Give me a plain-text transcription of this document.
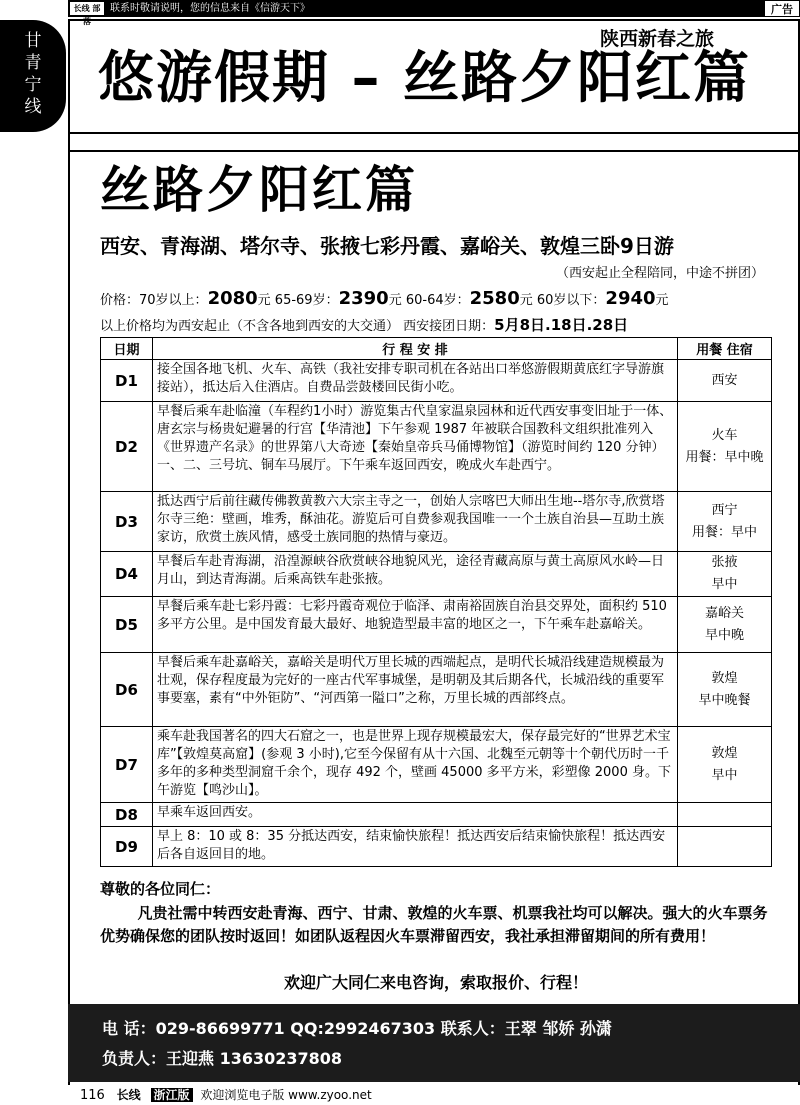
长线 部落
联系时敬请说明，您的信息来自《信游天下》	广告
甘
青
宁
线
陕西新春之旅
悠游假期 – 丝路夕阳红篇
丝路夕阳红篇
西安、青海湖、塔尔寺、张掖七彩丹霞、嘉峪关、敦煌三卧9日游
（西安起止全程陪同，中途不拼团）
价格：70岁以上：2080元 65-69岁：2390元 60-64岁：2580元 60岁以下：2940元
以上价格均为西安起止（不含各地到西安的大交通） 西安接团日期：5月8日.18日.28日
日期	行 程 安 排	用餐 住宿
D1	接全国各地飞机、火车、高铁（我社安排专职司机在各站出口举悠游假期黄底红字导游旗接站），抵达后入住酒店。自费品尝鼓楼回民街小吃。	西安
D2	早餐后乘车赴临潼（车程约1小时）游览集古代皇家温泉园林和近代西安事变旧址于一体、唐玄宗与杨贵妃避暑的行宫【华清池】下午参观 1987 年被联合国教科文组织批准列入《世界遗产名录》的世界第八大奇迹【秦始皇帝兵马俑博物馆】（游览时间约 120 分钟）一、二、三号坑、铜车马展厅。下午乘车返回西安，晚成火车赴西宁。	火车
用餐：早中晚
D3	抵达西宁后前往藏传佛教黄教六大宗主寺之一，创始人宗喀巴大师出生地--塔尔寺,欣赏塔尔寺三绝：壁画，堆秀，酥油花。游览后可自费参观我国唯一一个土族自治县—互助土族家访，欣赏土族风情，感受土族同胞的热情与豪迈。	西宁
用餐：早中
D4	早餐后车赴青海湖，沿湟源峡谷欣赏峡谷地貌风光，途径青藏高原与黄土高原风水岭—日月山，到达青海湖。后乘高铁车赴张掖。	张掖
早中
D5	早餐后乘车赴七彩丹霞：七彩丹霞奇观位于临泽、肃南裕固族自治县交界处，面积约 510 多平方公里。是中国发育最大最好、地貌造型最丰富的地区之一，下午乘车赴嘉峪关。	嘉峪关
早中晚
D6	早餐后乘车赴嘉峪关，嘉峪关是明代万里长城的西端起点，是明代长城沿线建造规模最为壮观，保存程度最为完好的一座古代军事城堡，是明朝及其后期各代，长城沿线的重要军事要塞，素有“中外钜防”、“河西第一隘口”之称，万里长城的西部终点。	敦煌
早中晚餐
D7	乘车赴我国著名的四大石窟之一，也是世界上现存规模最宏大，保存最完好的“世界艺术宝库”【敦煌莫高窟】(参观 3 小时),它至今保留有从十六国、北魏至元朝等十个朝代历时一千多年的多种类型洞窟千余个，现存 492 个，壁画 45000 多平方米，彩塑像 2000 身。下午游览【鸣沙山】。	敦煌
早中
D8	早乘车返回西安。	
D9	早上 8：10 或 8：35 分抵达西安，结束愉快旅程！抵达西安后结束愉快旅程！抵达西安后各自返回目的地。	
尊敬的各位同仁：
凡贵社需中转西安赴青海、西宁、甘肃、敦煌的火车票、机票我社均可以解决。强大的火车票务优势确保您的团队按时返回！如团队返程因火车票滞留西安，我社承担滞留期间的所有费用！
欢迎广大同仁来电咨询，索取报价、行程！
电 话：029-86699771 QQ:2992467303 联系人：王翠 邹娇 孙潇
负责人：王迎燕 13630237808
116 长线 浙江版 欢迎浏览电子版 www.zyoo.net
